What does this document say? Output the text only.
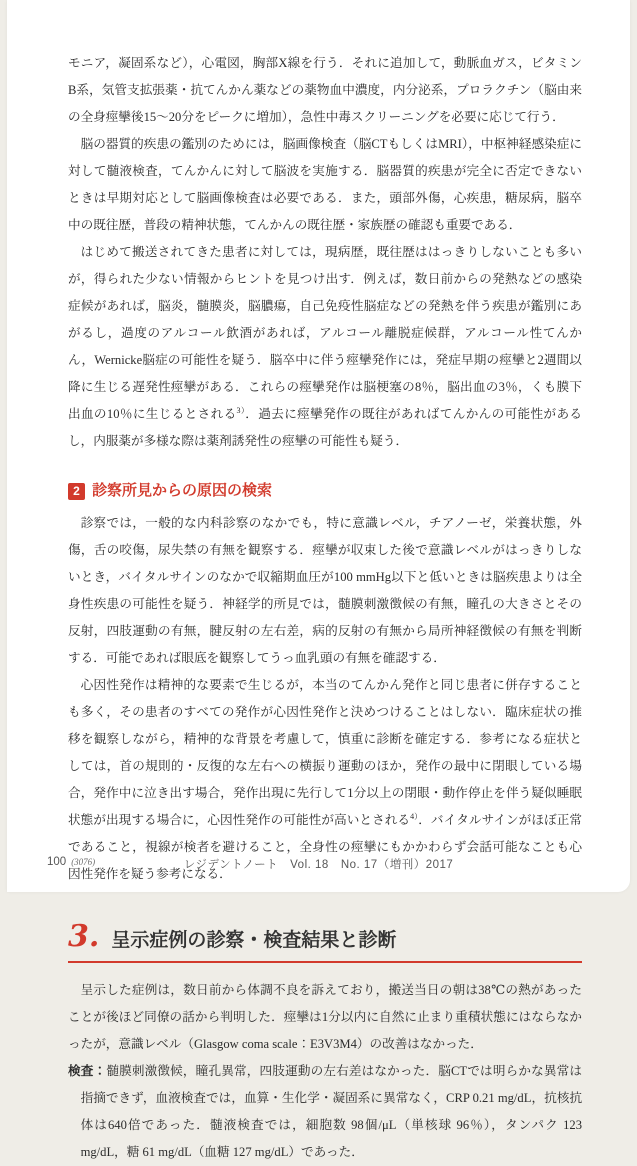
モニア，凝固系など），心電図，胸部X線を行う．それに追加して，動脈血ガス，ビタミンB系，気管支拡張薬・抗てんかん薬などの薬物血中濃度，内分泌系，プロラクチン（脳由来の全身痙攣後15〜20分をピークに増加），急性中毒スクリーニングを必要に応じて行う．

脳の器質的疾患の鑑別のためには，脳画像検査（脳CTもしくはMRI），中枢神経感染症に対して髄液検査，てんかんに対して脳波を実施する．脳器質的疾患が完全に否定できないときは早期対応として脳画像検査は必要である．また，頭部外傷，心疾患，糖尿病，脳卒中の既往歴，普段の精神状態，てんかんの既往歴・家族歴の確認も重要である．

はじめて搬送されてきた患者に対しては，現病歴，既往歴ははっきりしないことも多いが，得られた少ない情報からヒントを見つけ出す．例えば，数日前からの発熱などの感染症候があれば，脳炎，髄膜炎，脳膿瘍，自己免疫性脳症などの発熱を伴う疾患が鑑別にあがるし，過度のアルコール飲酒があれば，アルコール離脱症候群，アルコール性てんかん，Wernicke脳症の可能性を疑う．脳卒中に伴う痙攣発作には，発症早期の痙攣と2週間以降に生じる遅発性痙攣がある．これらの痙攣発作は脳梗塞の8％，脳出血の3％，くも膜下出血の10％に生じるとされる$^{3)}$．過去に痙攣発作の既往があればてんかんの可能性があるし，内服薬が多様な際は薬剤誘発性の痙攣の可能性も疑う．

2 診察所見からの原因の検索

診察では，一般的な内科診察のなかでも，特に意識レベル，チアノーゼ，栄養状態，外傷，舌の咬傷，尿失禁の有無を観察する．痙攣が収束した後で意識レベルがはっきりしないとき，バイタルサインのなかで収縮期血圧が100 mmHg以下と低いときは脳疾患よりは全身性疾患の可能性を疑う．神経学的所見では，髄膜刺激徴候の有無，瞳孔の大きさとその反射，四肢運動の有無，腱反射の左右差，病的反射の有無から局所神経徴候の有無を判断する．可能であれば眼底を観察してうっ血乳頭の有無を確認する．

心因性発作は精神的な要素で生じるが，本当のてんかん発作と同じ患者に併存することも多く，その患者のすべての発作が心因性発作と決めつけることはしない．臨床症状の推移を観察しながら，精神的な背景を考慮して，慎重に診断を確定する．参考になる症状としては，首の規則的・反復的な左右への横振り運動のほか，発作の最中に閉眼している場合，発作中に泣き出す場合，発作出現に先行して1分以上の閉眼・動作停止を伴う疑似睡眠状態が出現する場合に，心因性発作の可能性が高いとされる$^{4)}$．バイタルサインがほぼ正常であること，視線が検者を避けること，全身性の痙攣にもかかわらず会話可能なことも心因性発作を疑う参考になる．

3. 呈示症例の診察・検査結果と診断

呈示した症例は，数日前から体調不良を訴えており，搬送当日の朝は38℃の熱があったことが後ほど同僚の話から判明した．痙攣は1分以内に自然に止まり重積状態にはならなかったが，意識レベル（Glasgow coma scale：E3V3M4）の改善はなかった．

検査：髄膜刺激徴候，瞳孔異常，四肢運動の左右差はなかった．脳CTでは明らかな異常は指摘できず，血液検査では，血算・生化学・凝固系に異常なく，CRP 0.21 mg/dL，抗核抗体は640倍であった．髄液検査では，細胞数 98個/μL（単核球 96％），タンパク 123 mg/dL，糖 61 mg/dL（血糖 127 mg/dL）であった．

100 (3076)	レジデントノート　Vol. 18　No. 17（増刊）2017
